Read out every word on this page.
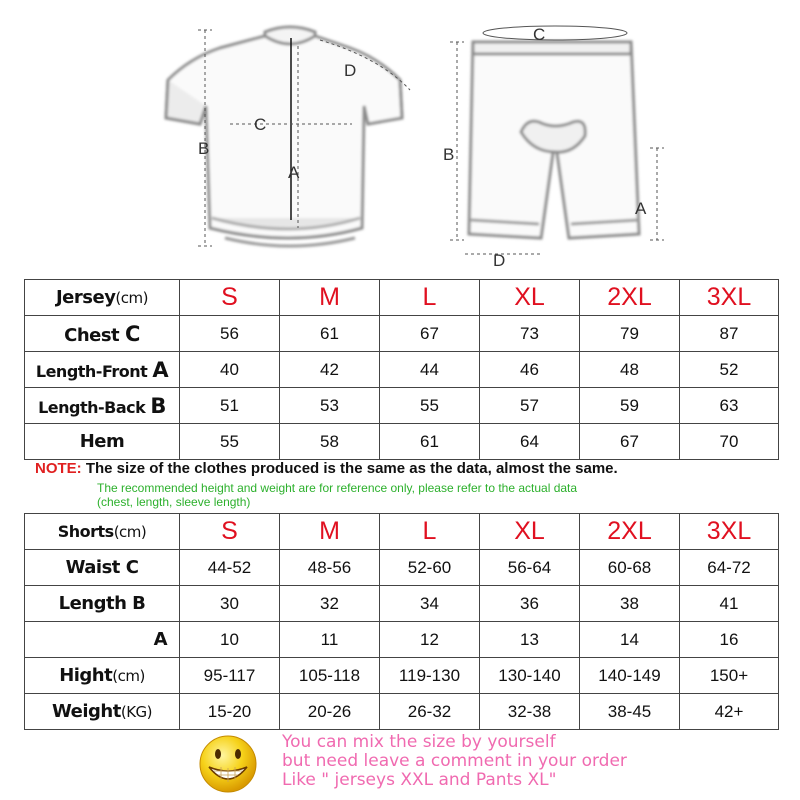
B
C
A
D
C
B
A
D
Jersey(cm)	S	M	L	XL	2XL	3XL
Chest C	56	61	67	73	79	87
Length-Front A	40	42	44	46	48	52
Length-Back B	51	53	55	57	59	63
Hem	55	58	61	64	67	70
NOTE: The size of the clothes produced is the same as the data, almost the same.
The recommended height and weight are for reference only, please refer to the actual data
(chest, length, sleeve length)
Shorts(cm)	S	M	L	XL	2XL	3XL
Waist C	44-52	48-56	52-60	56-64	60-68	64-72
Length B	30	32	34	36	38	41
A	10	11	12	13	14	16
Hight(cm)	95-117	105-118	119-130	130-140	140-149	150+
Weight(KG)	15-20	20-26	26-32	32-38	38-45	42+
You can mix the size by yourself
but need leave a comment in your order
Like " jerseys XXL and Pants XL"
